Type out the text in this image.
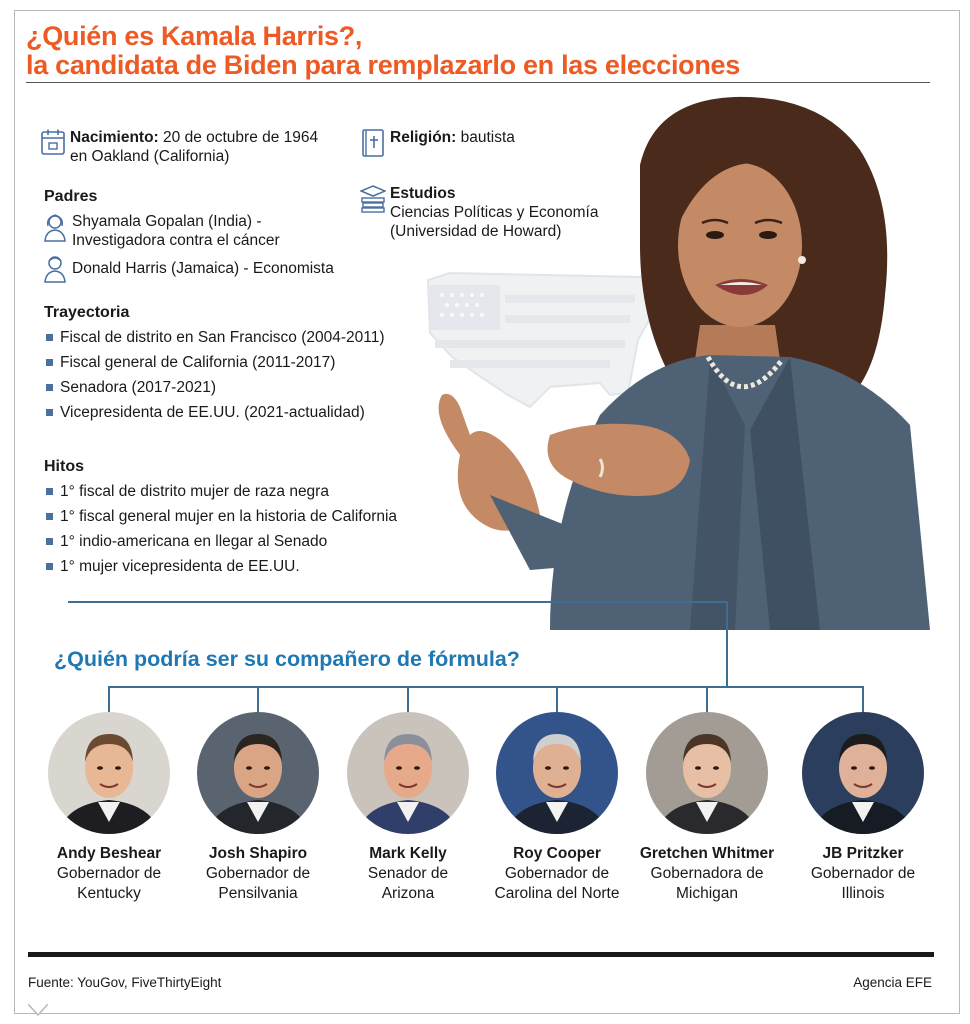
¿Quién es Kamala Harris?,
la candidata de Biden para remplazarlo en las elecciones
Nacimiento: 20 de octubre de 1964
en Oakland (California)
Religión: bautista
Estudios
Ciencias Políticas y Economía
(Universidad de Howard)
Padres
Shyamala Gopalan (India) -
Investigadora contra el cáncer
Donald Harris (Jamaica) - Economista
Trayectoria
Fiscal de distrito en San Francisco (2004-2011)
Fiscal general de California (2011-2017)
Senadora (2017-2021)
Vicepresidenta de EE.UU. (2021-actualidad)
Hitos
1° fiscal de distrito mujer de raza negra
1° fiscal general mujer en la historia de California
1° indio-americana en llegar al Senado
1° mujer vicepresidenta de EE.UU.
¿Quién podría ser su compañero de fórmula?
Andy Beshear
Gobernador de
Kentucky
Josh Shapiro
Gobernador de
Pensilvania
Mark Kelly
Senador de
Arizona
Roy Cooper
Gobernador de
Carolina del Norte
Gretchen Whitmer
Gobernadora de
Michigan
JB Pritzker
Gobernador de
Illinois
Fuente: YouGov, FiveThirtyEight	Agencia EFE
